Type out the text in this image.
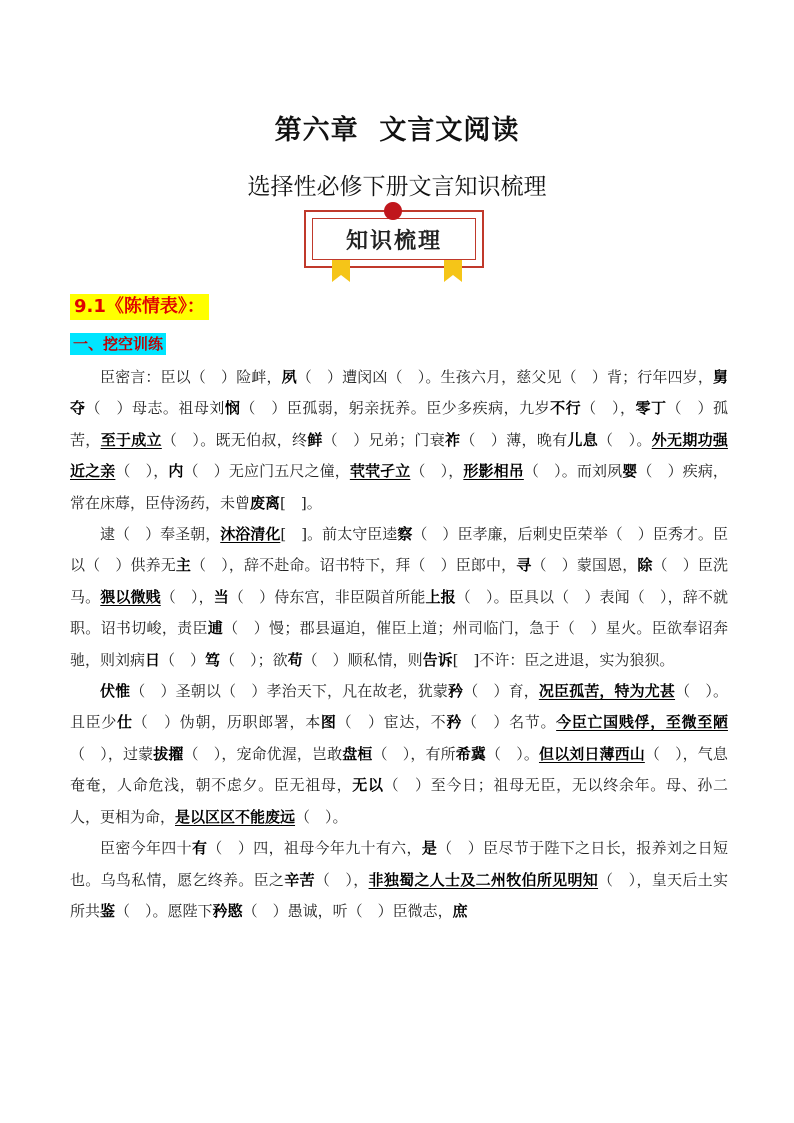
第六章  文言文阅读
选择性必修下册文言知识梳理
知识梳理
9.1《陈情表》：
一、挖空训练

臣密言：臣以（　）险衅，夙（　）遭闵凶（　）。生孩六月，慈父见（　）背；行年四岁，舅夺（　）母志。祖母刘悯（　）臣孤弱，躬亲抚养。臣少多疾病，九岁不行（　），零丁（　）孤苦，至于成立（　）。既无伯叔，终鲜（　）兄弟；门衰祚（　）薄，晚有儿息（　）。外无期功强近之亲（　），内（　）无应门五尺之僮，茕茕孑立（　），形影相吊（　）。而刘夙婴（　）疾病，常在床蓐，臣侍汤药，未曾废离[　]。

逮（　）奉圣朝，沐浴清化[　]。前太守臣逵察（　）臣孝廉，后刺史臣荣举（　）臣秀才。臣以（　）供养无主（　），辞不赴命。诏书特下，拜（　）臣郎中，寻（　）蒙国恩，除（　）臣洗马。猥以微贱（　），当（　）侍东宫，非臣陨首所能上报（　）。臣具以（　）表闻（　），辞不就职。诏书切峻，责臣逋（　）慢；郡县逼迫，催臣上道；州司临门，急于（　）星火。臣欲奉诏奔驰，则刘病日（　）笃（　）；欲苟（　）顺私情，则告诉[　]不许：臣之进退，实为狼狈。

伏惟（　）圣朝以（　）孝治天下，凡在故老，犹蒙矜（　）育，况臣孤苦，特为尤甚（　）。且臣少仕（　）伪朝，历职郎署，本图（　）宦达，不矜（　）名节。今臣亡国贱俘，至微至陋（　），过蒙拔擢（　），宠命优渥，岂敢盘桓（　），有所希冀（　）。但以刘日薄西山（　），气息奄奄，人命危浅，朝不虑夕。臣无祖母，无以（　）至今日；祖母无臣，无以终余年。母、孙二人，更相为命，是以区区不能废远（　）。

臣密今年四十有（　）四，祖母今年九十有六，是（　）臣尽节于陛下之日长，报养刘之日短也。乌鸟私情，愿乞终养。臣之辛苦（　），非独蜀之人士及二州牧伯所见明知（　），皇天后土实所共鉴（　）。愿陛下矜愍（　）愚诚，听（　）臣微志，庶
